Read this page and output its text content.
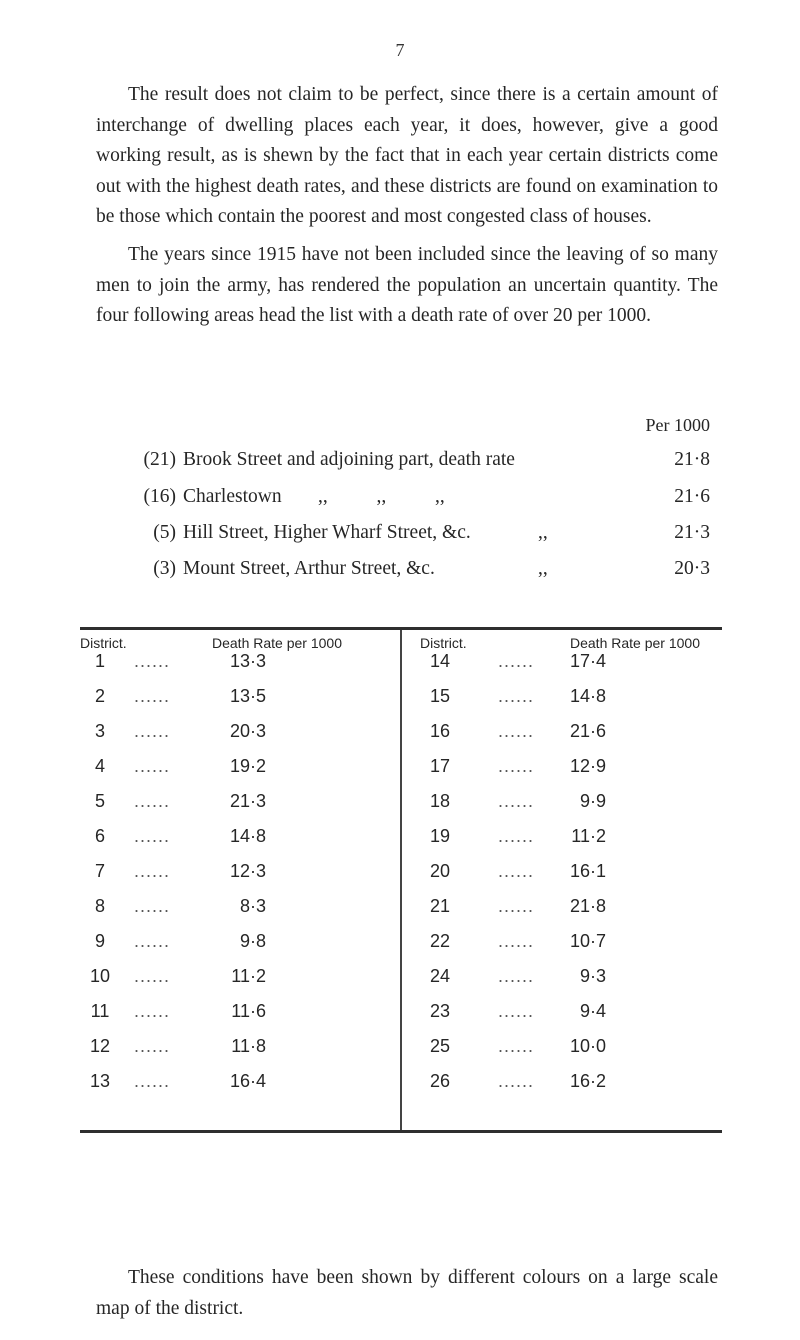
7

The result does not claim to be perfect, since there is a certain amount of interchange of dwelling places each year, it does, however, give a good working result, as is shewn by the fact that in each year certain districts come out with the highest death rates, and these districts are found on examination to be those which contain the poorest and most congested class of houses.

The years since 1915 have not been included since the leaving of so many men to join the army, has rendered the population an uncertain quantity. The four following areas head the list with a death rate of over 20 per 1000.

Per 1000
(21) Brook Street and adjoining part, death rate	21·8
(16) Charlestown ,,          ,,          ,,	21·6
(5) Hill Street, Higher Wharf Street, &c.	,,	21·3
(3) Mount Street, Arthur Street, &c.	,,	20·3
District.	Death Rate per 1000	District.	Death Rate per 1000
1	......	13·3	14	......	17·4
2	......	13·5	15	......	14·8
3	......	20·3	16	......	21·6
4	......	19·2	17	......	12·9
5	......	21·3	18	......	9·9
6	......	14·8	19	......	11·2
7	......	12·3	20	......	16·1
8	......	8·3	21	......	21·8
9	......	9·8	22	......	10·7
10	......	11·2	24	......	9·3
11	......	11·6	23	......	9·4
12	......	11·8	25	......	10·0
13	......	16·4	26	......	16·2

These conditions have been shown by different colours on a large scale map of the district.
